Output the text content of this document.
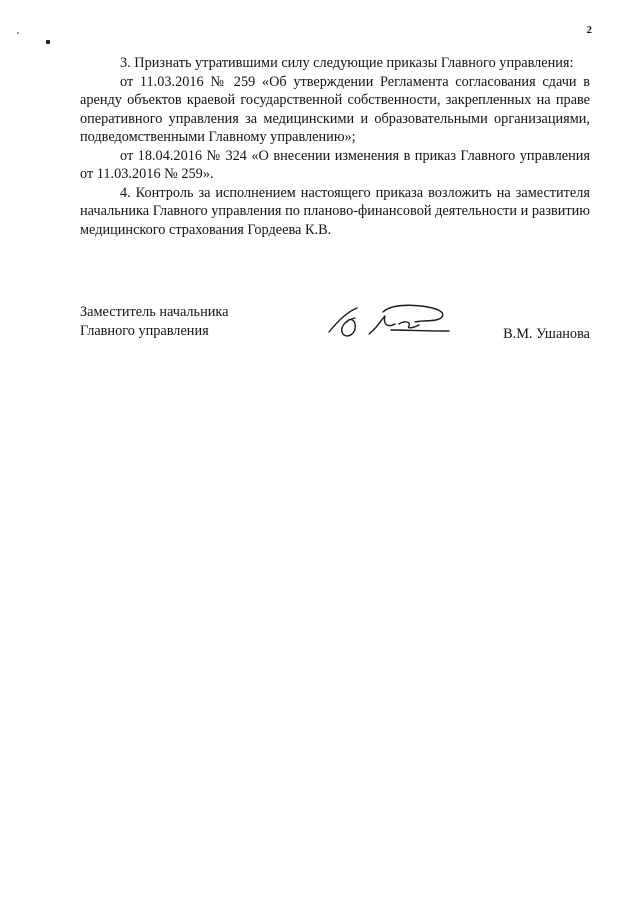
2

3. Признать утратившими силу следующие приказы Главного управления:

от 11.03.2016 № 259 «Об утверждении Регламента согласования сдачи в аренду объектов краевой государственной собственности, закрепленных на праве оперативного управления за медицинскими и образовательными организациями, подведомственными Главному управлению»;

от 18.04.2016 № 324 «О внесении изменения в приказ Главного управления от 11.03.2016 № 259».

4. Контроль за исполнением настоящего приказа возложить на заместителя начальника Главного управления по планово-финансовой деятельности и развитию медицинского страхования Гордеева К.В.

Заместитель начальника
Главного управления	В.М. Ушанова
